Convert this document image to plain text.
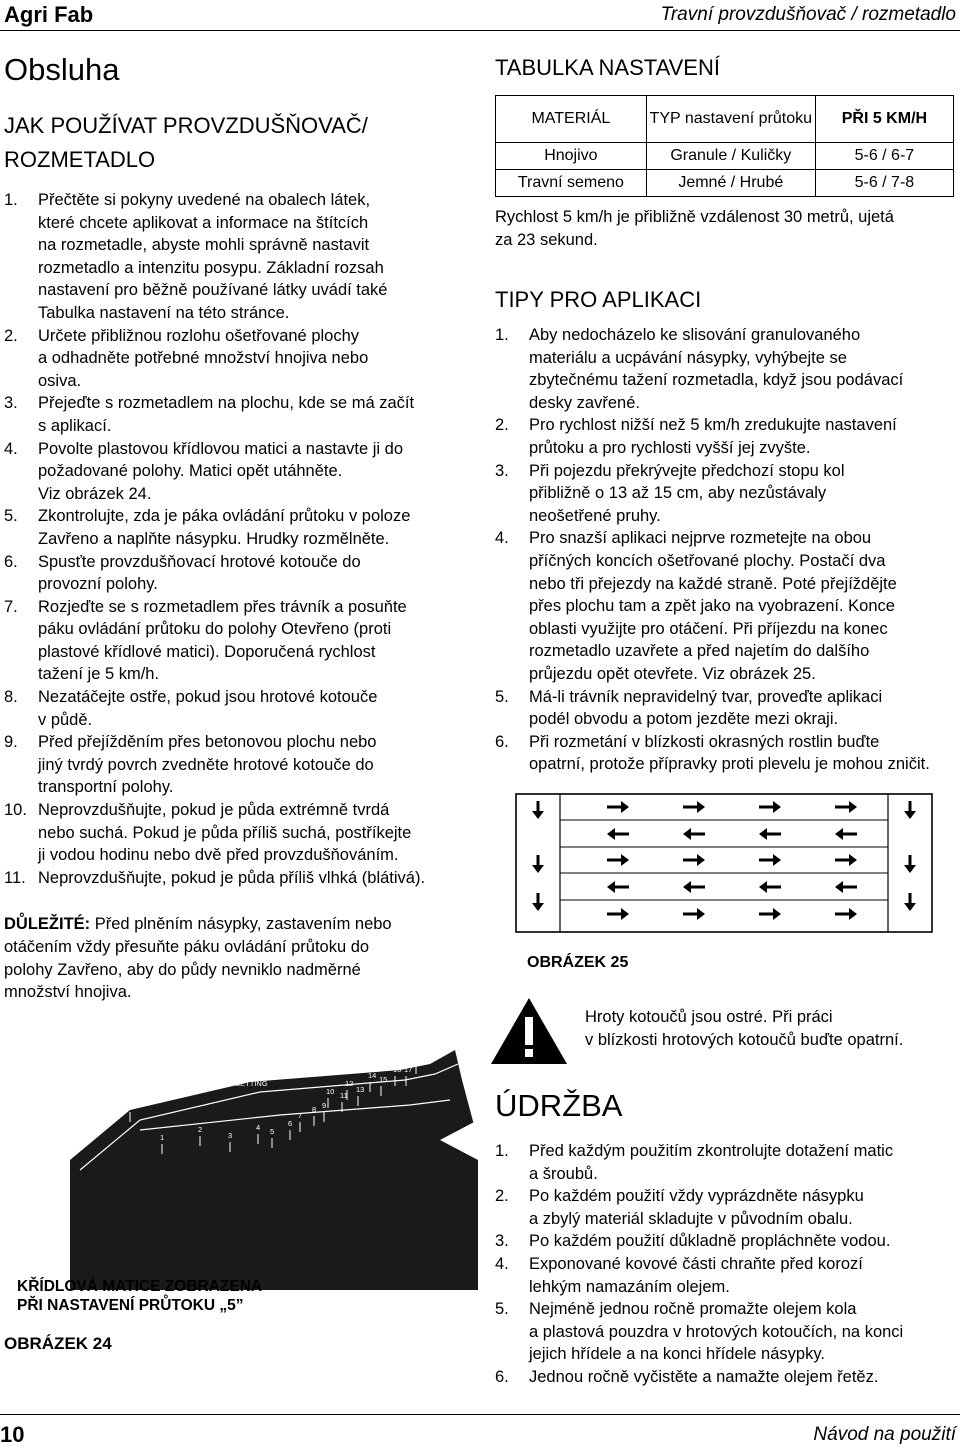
Agri Fab	Travní provzdušňovač / rozmetadlo
Obsluha
JAK POUŽÍVAT PROVZDUŠŇOVAČ/
ROZMETADLO
1. Přečtěte si pokyny uvedené na obalech látek,
které chcete aplikovat a informace na štítcích
na rozmetadle, abyste mohli správně nastavit
rozmetadlo a intenzitu posypu. Základní rozsah
nastavení pro běžně používané látky uvádí také
Tabulka nastavení na této stránce.
2. Určete přibližnou rozlohu ošetřované plochy
a odhadněte potřebné množství hnojiva nebo
osiva.
3. Přejeďte s rozmetadlem na plochu, kde se má začít
s aplikací.
4. Povolte plastovou křídlovou matici a nastavte ji do
požadované polohy. Matici opět utáhněte.
Viz obrázek 24.
5. Zkontrolujte, zda je páka ovládání průtoku v poloze
Zavřeno a naplňte násypku. Hrudky rozmělněte.
6. Spusťte provzdušňovací hrotové kotouče do
provozní polohy.
7. Rozjeďte se s rozmetadlem přes trávník a posuňte
páku ovládání průtoku do polohy Otevřeno (proti
plastové křídlové matici). Doporučená rychlost
tažení je 5 km/h.
8. Nezatáčejte ostře, pokud jsou hrotové kotouče
v půdě.
9. Před přejížděním přes betonovou plochu nebo
jiný tvrdý povrch zvedněte hrotové kotouče do
transportní polohy.
10. Neprovzdušňujte, pokud je půda extrémně tvrdá
nebo suchá. Pokud je půda příliš suchá, postříkejte
ji vodou hodinu nebo dvě před provzdušňováním.
11. Neprovzdušňujte, pokud je půda příliš vlhká (blátivá).
DŮLEŽITÉ: Před plněním násypky, zastavením nebo
otáčením vždy přesuňte páku ovládání průtoku do
polohy Zavřeno, aby do půdy nevniklo nadměrné
množství hnojiva.
ALIGN AND TIGHTEN WING NUT
AT DESIRED FLOW SETTING
OFF
0
1
2
3
4 5
6
7
8 9
10 11
12
13
14 15
16 17
18
KŘÍDLOVÁ MATICE ZOBRAZENA
PŘI NASTAVENÍ PRŮTOKU „5”
OBRÁZEK 24
TABULKA NASTAVENÍ
MATERIÁL	TYP nastavení průtoku	PŘI 5 KM/H
Hnojivo	Granule / Kuličky	5-6 / 6-7
Travní semeno	Jemné / Hrubé	5-6 / 7-8
Rychlost 5 km/h je přibližně vzdálenost 30 metrů, ujetá
za 23 sekund.
TIPY PRO APLIKACI
1. Aby nedocházelo ke slisování granulovaného
materiálu a ucpávání násypky, vyhýbejte se
zbytečnému tažení rozmetadla, když jsou podávací
desky zavřené.
2. Pro rychlost nižší než 5 km/h zredukujte nastavení
průtoku a pro rychlosti vyšší jej zvyšte.
3. Při pojezdu překrývejte předchozí stopu kol
přibližně o 13 až 15 cm, aby nezůstávaly
neošetřené pruhy.
4. Pro snazší aplikaci nejprve rozmetejte na obou
příčných koncích ošetřované plochy. Postačí dva
nebo tři přejezdy na každé straně. Poté přejíždějte
přes plochu tam a zpět jako na vyobrazení. Konce
oblasti využijte pro otáčení. Při příjezdu na konec
rozmetadlo uzavřete a před najetím do dalšího
průjezdu opět otevřete. Viz obrázek 25.
5. Má-li trávník nepravidelný tvar, proveďte aplikaci
podél obvodu a potom jezděte mezi okraji.
6. Při rozmetání v blízkosti okrasných rostlin buďte
opatrní, protože přípravky proti plevelu je mohou zničit.
OBRÁZEK 25
Hroty kotoučů jsou ostré. Při práci
v blízkosti hrotových kotoučů buďte opatrní.
ÚDRŽBA
1. Před každým použitím zkontrolujte dotažení matic
a šroubů.
2. Po každém použití vždy vyprázdněte násypku
a zbylý materiál skladujte v původním obalu.
3. Po každém použití důkladně propláchněte vodou.
4. Exponované kovové části chraňte před korozí
lehkým namazáním olejem.
5. Nejméně jednou ročně promažte olejem kola
a plastová pouzdra v hrotových kotoučích, na konci
jejich hřídele a na konci hřídele násypky.
6. Jednou ročně vyčistěte a namažte olejem řetěz.
10	Návod na použití
